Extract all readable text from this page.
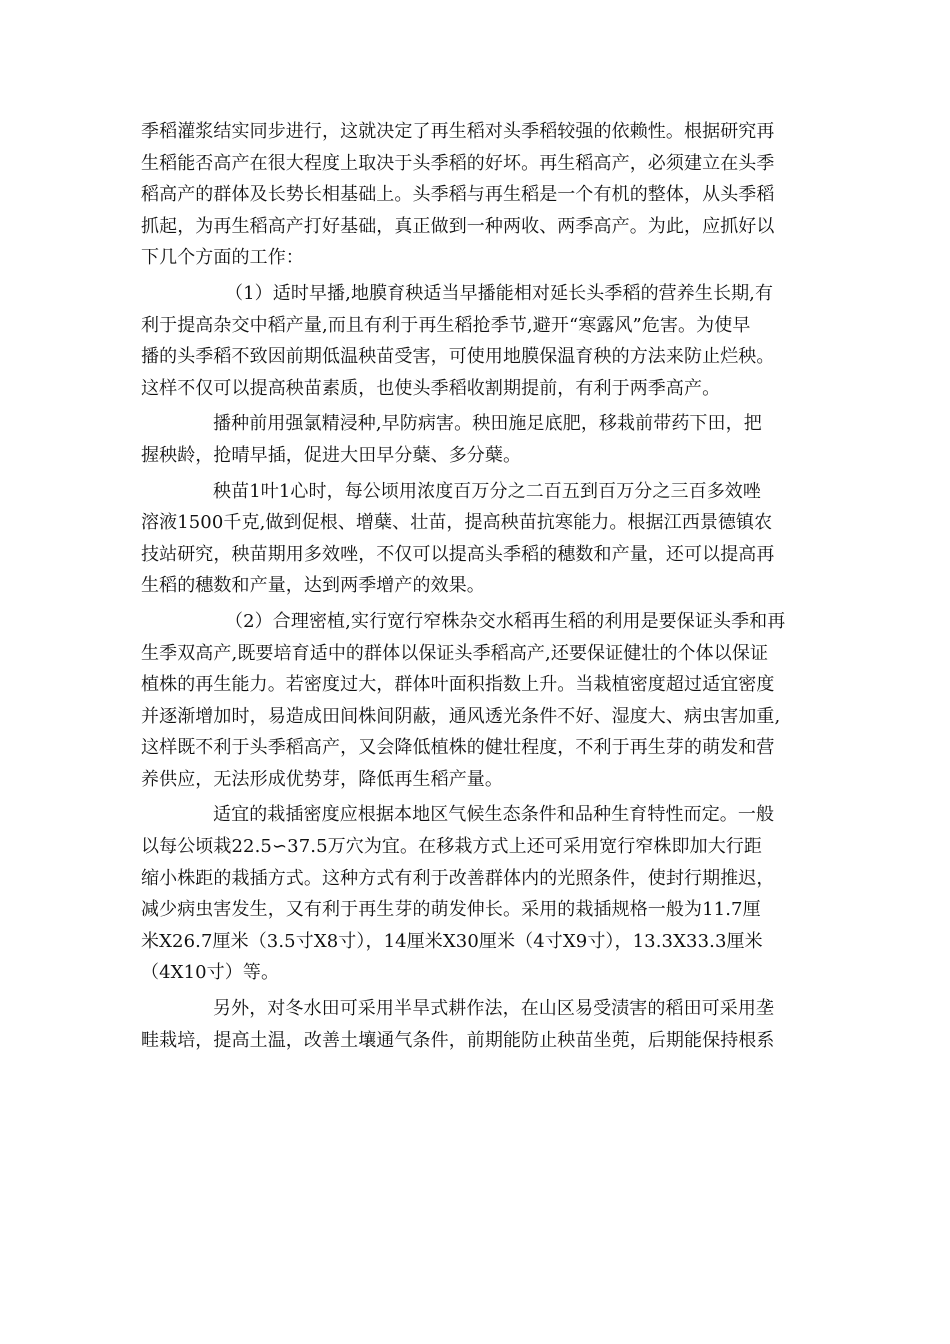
季稻灌浆结实同步进行，这就决定了再生稻对头季稻较强的依赖性。根据研究再
生稻能否高产在很大程度上取决于头季稻的好坏。再生稻高产，必须建立在头季
稻高产的群体及长势长相基础上。头季稻与再生稻是一个有机的整体，从头季稻
抓起，为再生稻高产打好基础，真正做到一种两收、两季高产。为此，应抓好以
下几个方面的工作：

（1）适时早播,地膜育秧适当早播能相对延长头季稻的营养生长期,有
利于提高杂交中稻产量,而且有利于再生稻抢季节,避开“寒露风”危害。为使早
播的头季稻不致因前期低温秧苗受害，可使用地膜保温育秧的方法来防止烂秧。
这样不仅可以提高秧苗素质，也使头季稻收割期提前，有利于两季高产。

播种前用强氯精浸种,早防病害。秧田施足底肥，移栽前带药下田，把
握秧龄，抢晴早插，促进大田早分蘖、多分蘖。

秧苗1叶1心时，每公顷用浓度百万分之二百五到百万分之三百多效唑
溶液1500千克,做到促根、增蘖、壮苗，提高秧苗抗寒能力。根据江西景德镇农
技站研究，秧苗期用多效唑，不仅可以提高头季稻的穗数和产量，还可以提高再
生稻的穗数和产量，达到两季增产的效果。

（2）合理密植,实行宽行窄株杂交水稻再生稻的利用是要保证头季和再
生季双高产,既要培育适中的群体以保证头季稻高产,还要保证健壮的个体以保证
植株的再生能力。若密度过大，群体叶面积指数上升。当栽植密度超过适宜密度
并逐渐增加时，易造成田间株间阴蔽，通风透光条件不好、湿度大、病虫害加重,
这样既不利于头季稻高产，又会降低植株的健壮程度，不利于再生芽的萌发和营
养供应，无法形成优势芽，降低再生稻产量。

适宜的栽插密度应根据本地区气候生态条件和品种生育特性而定。一般
以每公顷栽22.5∽37.5万穴为宜。在移栽方式上还可采用宽行窄株即加大行距
缩小株距的栽插方式。这种方式有利于改善群体内的光照条件，使封行期推迟，
减少病虫害发生，又有利于再生芽的萌发伸长。采用的栽插规格一般为11.7厘
米X26.7厘米（3.5寸X8寸），14厘米X30厘米（4寸X9寸），13.3X33.3厘米
（4X10寸）等。

另外，对冬水田可采用半旱式耕作法，在山区易受渍害的稻田可采用垄
畦栽培，提高土温，改善土壤通气条件，前期能防止秧苗坐蔸，后期能保持根系
